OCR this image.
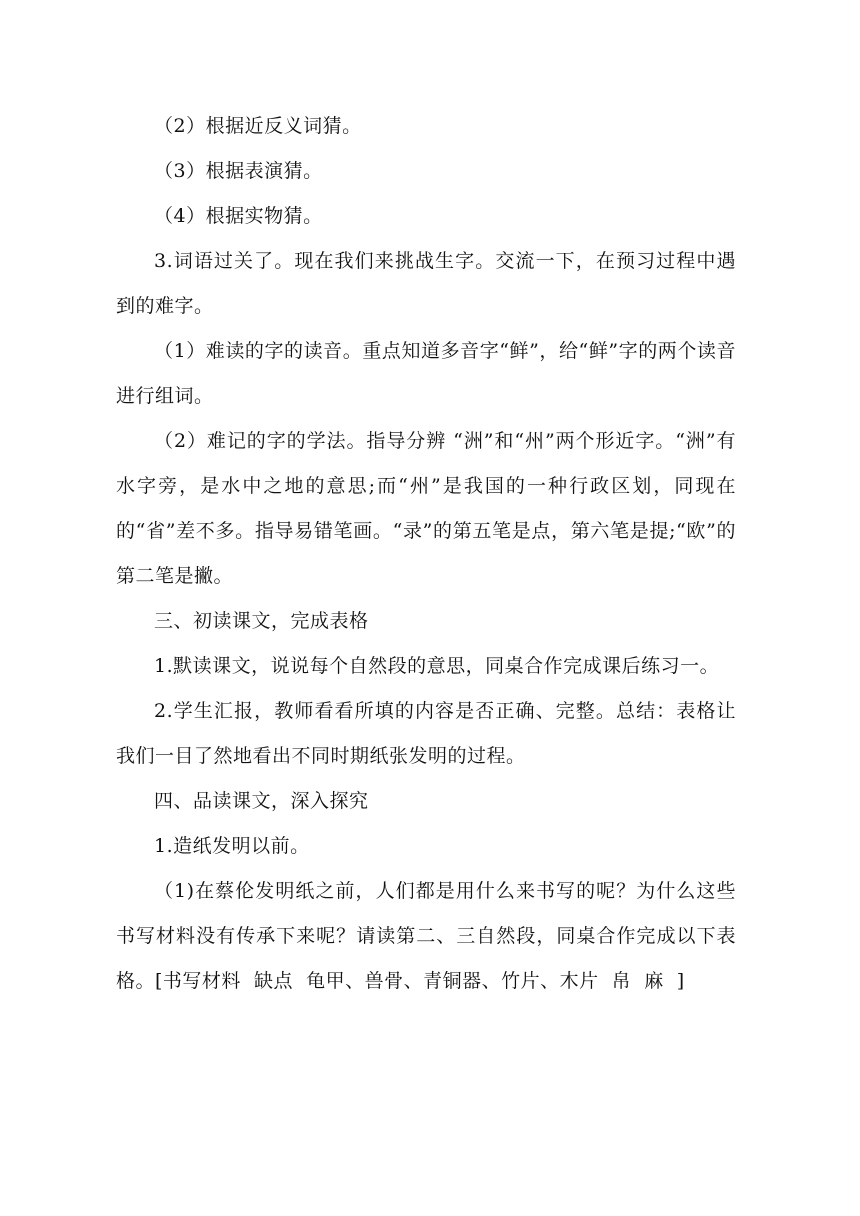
（2）根据近反义词猜。

（3）根据表演猜。

（4）根据实物猜。

3.词语过关了。现在我们来挑战生字。交流一下，在预习过程中遇到的难字。

（1）难读的字的读音。重点知道多音字“鲜”，给“鲜”字的两个读音进行组词。

（2）难记的字的学法。指导分辨 “洲”和“州”两个形近字。“洲”有水字旁，是水中之地的意思;而“州”是我国的一种行政区划，同现在的“省”差不多。指导易错笔画。“录”的第五笔是点，第六笔是提;“欧”的第二笔是撇。

三、初读课文，完成表格

1.默读课文，说说每个自然段的意思，同桌合作完成课后练习一。

2.学生汇报，教师看看所填的内容是否正确、完整。总结：表格让我们一目了然地看出不同时期纸张发明的过程。

四、品读课文，深入探究

1.造纸发明以前。

（1)在蔡伦发明纸之前，人们都是用什么来书写的呢？为什么这些书写材料没有传承下来呢？请读第二、三自然段，同桌合作完成以下表格。[书写材料  缺点  龟甲、兽骨、青铜器、竹片、木片  帛  麻  ]
